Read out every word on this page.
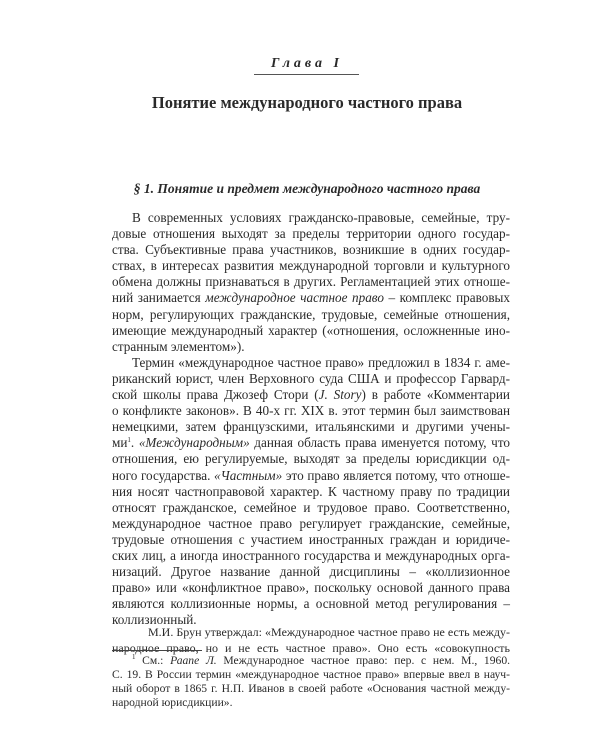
Глава I
Понятие международного частного права
§ 1. Понятие и предмет международного частного права
В современных условиях гражданско-правовые, семейные, тру-
довые отношения выходят за пределы территории одного государ-
ства. Субъективные права участников, возникшие в одних государ-
ствах, в интересах развития международной торговли и культурного
обмена должны признаваться в других. Регламентацией этих отноше-
ний занимается международное частное право – комплекс правовых
норм, регулирующих гражданские, трудовые, семейные отношения,
имеющие международный характер («отношения, осложненные ино-
странным элементом»).
Термин «международное частное право» предложил в 1834 г. аме-
риканский юрист, член Верховного суда США и профессор Гарвард-
ской школы права Джозеф Стори (J. Story) в работе «Комментарии
о конфликте законов». В 40-х гг. XIX в. этот термин был заимствован
немецкими, затем французскими, итальянскими и другими учены-
$ми^1$. «Международным» данная область права именуется потому, что
отношения, ею регулируемые, выходят за пределы юрисдикции од-
ного государства. «Частным» это право является потому, что отноше-
ния носят частноправовой характер. К частному праву по традиции
относят гражданское, семейное и трудовое право. Соответственно,
международное частное право регулирует гражданские, семейные,
трудовые отношения с участием иностранных граждан и юридиче-
ских лиц, а иногда иностранного государства и международных орга-
низаций. Другое название данной дисциплины – «коллизионное
право» или «конфликтное право», поскольку основой данного права
являются коллизионные нормы, а основной метод регулирования –
коллизионный.
М.И. Брун утверждал: «Международное частное право не есть между-
народное право, но и не есть частное право». Оно есть «совокупность
$^1$ См.: Раапе Л. Международное частное право: пер. с нем. М., 1960.
С. 19. В России термин «международное частное право» впервые ввел в науч-
ный оборот в 1865 г. Н.П. Иванов в своей работе «Основания частной между-
народной юрисдикции».
